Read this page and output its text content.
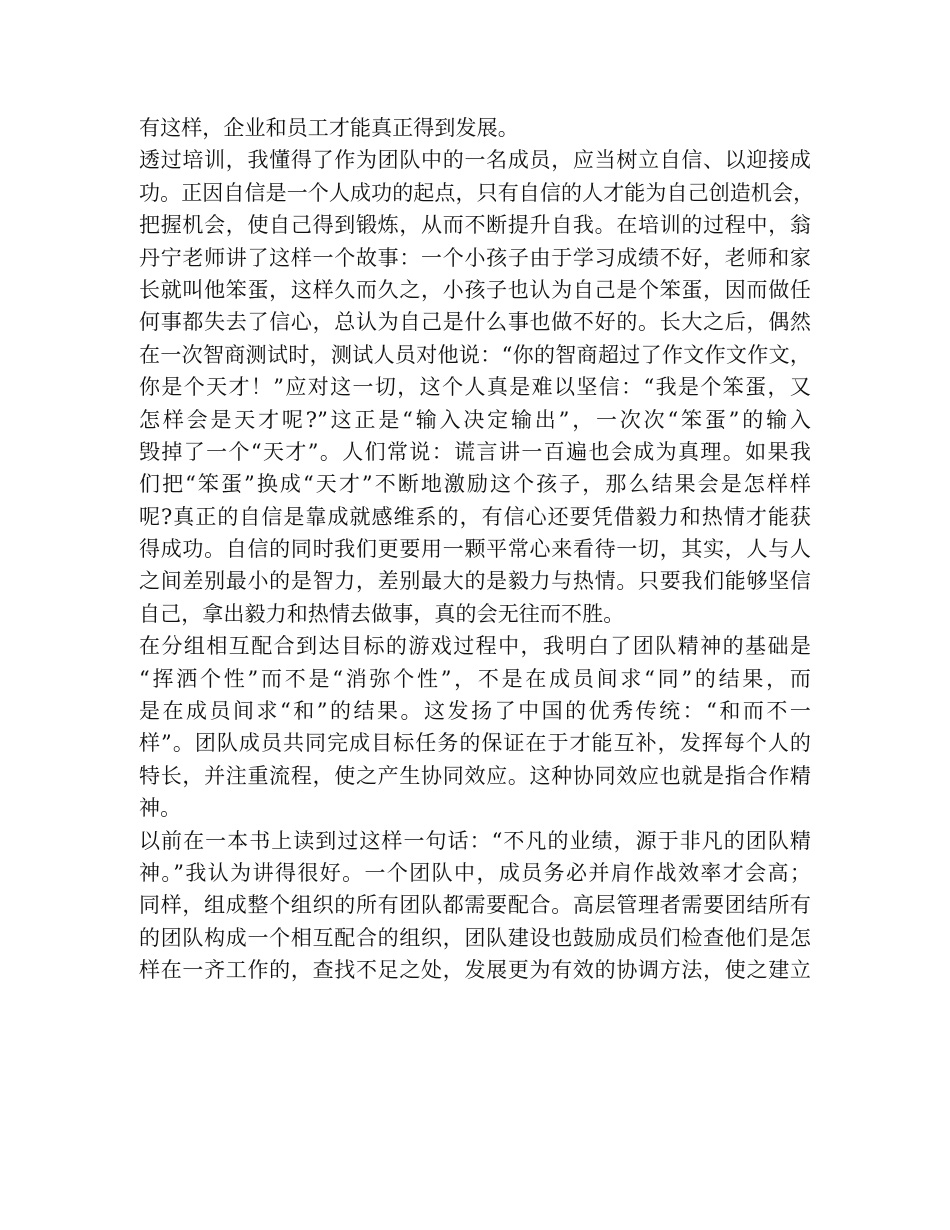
有这样，企业和员工才能真正得到发展。
透过培训，我懂得了作为团队中的一名成员，应当树立自信、以迎接成
功。正因自信是一个人成功的起点，只有自信的人才能为自己创造机会，
把握机会，使自己得到锻炼，从而不断提升自我。在培训的过程中，翁
丹宁老师讲了这样一个故事：一个小孩子由于学习成绩不好，老师和家
长就叫他笨蛋，这样久而久之，小孩子也认为自己是个笨蛋，因而做任
何事都失去了信心，总认为自己是什么事也做不好的。长大之后，偶然
在一次智商测试时，测试人员对他说：“你的智商超过了作文作文作文，
你是个天才！”应对这一切，这个人真是难以坚信：“我是个笨蛋，又
怎样会是天才呢?”这正是“输入决定输出”，一次次“笨蛋”的输入
毁掉了一个“天才”。人们常说：谎言讲一百遍也会成为真理。如果我
们把“笨蛋”换成“天才”不断地激励这个孩子，那么结果会是怎样样
呢?真正的自信是靠成就感维系的，有信心还要凭借毅力和热情才能获
得成功。自信的同时我们更要用一颗平常心来看待一切，其实，人与人
之间差别最小的是智力，差别最大的是毅力与热情。只要我们能够坚信
自己，拿出毅力和热情去做事，真的会无往而不胜。
在分组相互配合到达目标的游戏过程中，我明白了团队精神的基础是
“挥洒个性”而不是“消弥个性”，不是在成员间求“同”的结果，而
是在成员间求“和”的结果。这发扬了中国的优秀传统：“和而不一
样”。团队成员共同完成目标任务的保证在于才能互补，发挥每个人的
特长，并注重流程，使之产生协同效应。这种协同效应也就是指合作精
神。
以前在一本书上读到过这样一句话：“不凡的业绩，源于非凡的团队精
神。”我认为讲得很好。一个团队中，成员务必并肩作战效率才会高；
同样，组成整个组织的所有团队都需要配合。高层管理者需要团结所有
的团队构成一个相互配合的组织，团队建设也鼓励成员们检查他们是怎
样在一齐工作的，查找不足之处，发展更为有效的协调方法，使之建立
